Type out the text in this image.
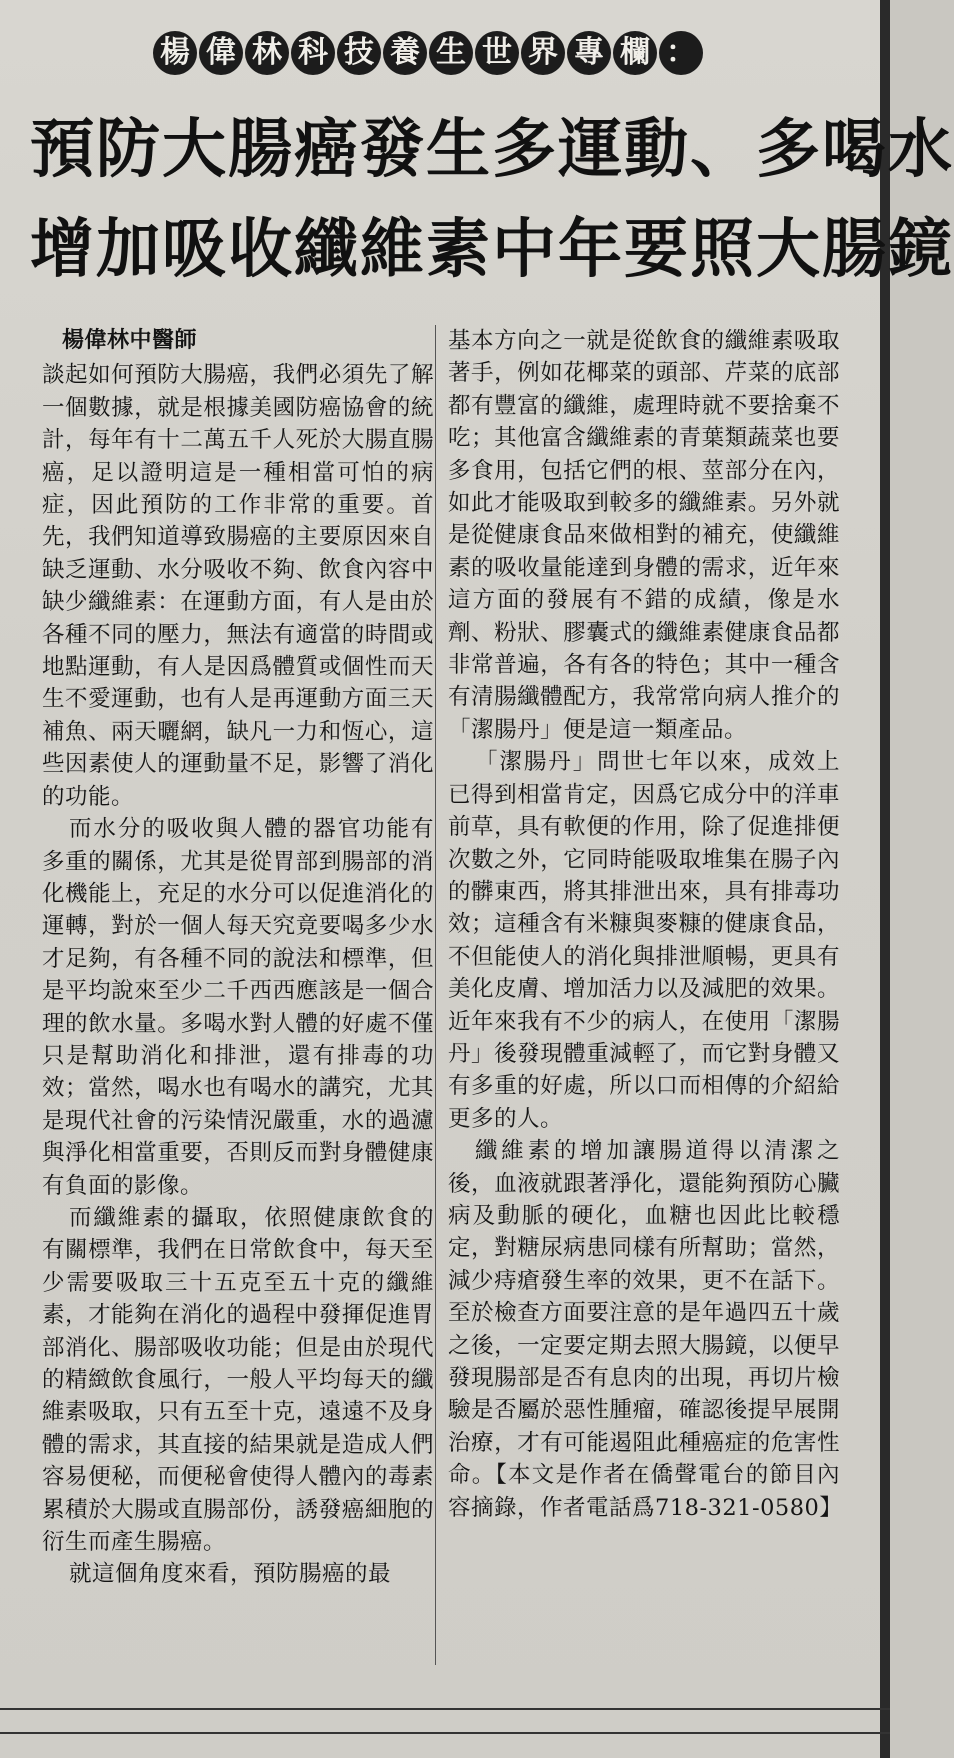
楊 偉 林 科 技 養 生 世 界 專 欄 ：
預防大腸癌發生 多運動、多喝水
增加吸收纖維素 中年要照大腸鏡
楊偉林中醫師

談起如何預防大腸癌，我們必須先了解一個數據，就是根據美國防癌協會的統計，每年有十二萬五千人死於大腸直腸癌，足以證明這是一種相當可怕的病症，因此預防的工作非常的重要。首先，我們知道導致腸癌的主要原因來自缺乏運動、水分吸收不夠、飲食內容中缺少纖維素：在運動方面，有人是由於各種不同的壓力，無法有適當的時間或地點運動，有人是因爲體質或個性而天生不愛運動，也有人是再運動方面三天補魚、兩天曬網，缺凡一力和恆心，這些因素使人的運動量不足，影響了消化的功能。

而水分的吸收與人體的器官功能有多重的關係，尤其是從胃部到腸部的消化機能上，充足的水分可以促進消化的運轉，對於一個人每天究竟要喝多少水才足夠，有各種不同的說法和標準，但是平均說來至少二千西西應該是一個合理的飲水量。多喝水對人體的好處不僅只是幫助消化和排泄，還有排毒的功效；當然，喝水也有喝水的講究，尤其是現代社會的污染情況嚴重，水的過濾與淨化相當重要，否則反而對身體健康有負面的影像。

而纖維素的攝取，依照健康飲食的有關標準，我們在日常飲食中，每天至少需要吸取三十五克至五十克的纖維素，才能夠在消化的過程中發揮促進胃部消化、腸部吸收功能；但是由於現代的精緻飲食風行，一般人平均每天的纖維素吸取，只有五至十克，遠遠不及身體的需求，其直接的結果就是造成人們容易便秘，而便秘會使得人體內的毒素累積於大腸或直腸部份，誘發癌細胞的衍生而產生腸癌。

就這個角度來看，預防腸癌的最

基本方向之一就是從飲食的纖維素吸取著手，例如花椰菜的頭部、芹菜的底部都有豐富的纖維，處理時就不要捨棄不吃；其他富含纖維素的青葉類蔬菜也要多食用，包括它們的根、莖部分在內，如此才能吸取到較多的纖維素。另外就是從健康食品來做相對的補充，使纖維素的吸收量能達到身體的需求，近年來這方面的發展有不錯的成績，像是水劑、粉狀、膠囊式的纖維素健康食品都非常普遍，各有各的特色；其中一種含有清腸纖體配方，我常常向病人推介的「潔腸丹」便是這一類產品。

「潔腸丹」問世七年以來，成效上已得到相當肯定，因爲它成分中的洋車前草，具有軟便的作用，除了促進排便次數之外，它同時能吸取堆集在腸子內的髒東西，將其排泄出來，具有排毒功效；這種含有米糠與麥糠的健康食品，不但能使人的消化與排泄順暢，更具有美化皮膚、增加活力以及減肥的效果。近年來我有不少的病人，在使用「潔腸丹」後發現體重減輕了，而它對身體又有多重的好處，所以口而相傳的介紹給更多的人。

纖維素的增加讓腸道得以清潔之後，血液就跟著淨化，還能夠預防心臟病及動脈的硬化，血糖也因此比較穩定，對糖尿病患同樣有所幫助；當然，減少痔瘡發生率的效果，更不在話下。至於檢查方面要注意的是年過四五十歲之後，一定要定期去照大腸鏡，以便早發現腸部是否有息肉的出現，再切片檢驗是否屬於惡性腫瘤，確認後提早展開治療，才有可能遏阻此種癌症的危害性命。【本文是作者在僑聲電台的節目內容摘錄，作者電話爲718-321-0580】
